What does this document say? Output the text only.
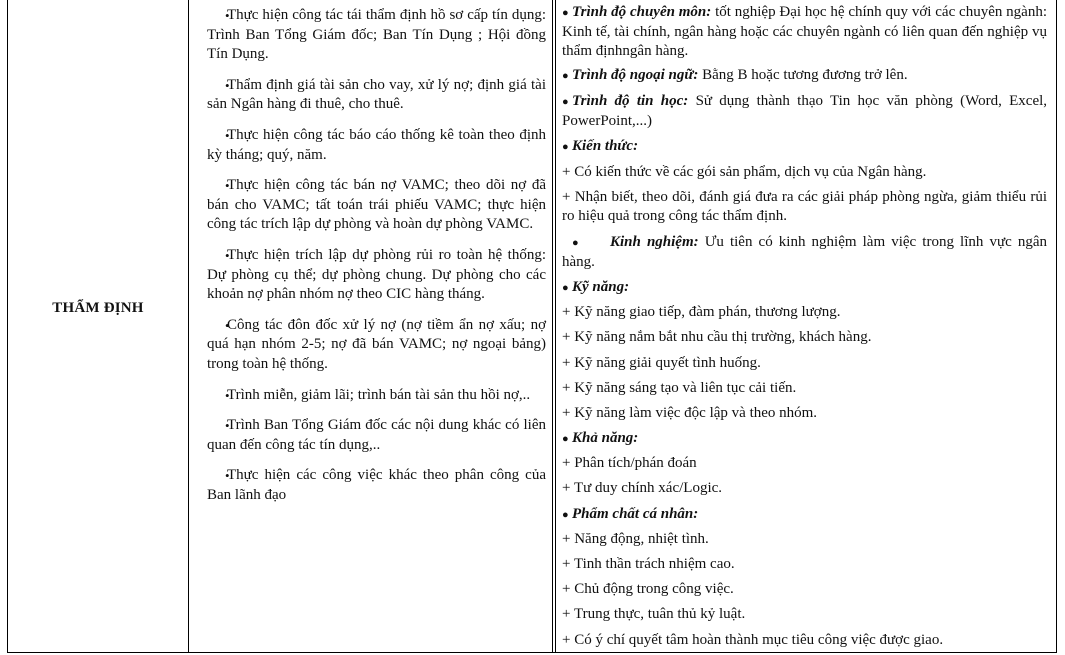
THẨM ĐỊNH

• Thực hiện công tác tái thẩm định hồ sơ cấp tín dụng: Trình Ban Tổng Giám đốc; Ban Tín Dụng ; Hội đồng Tín Dụng.

• Thẩm định giá tài sản cho vay, xử lý nợ; định giá tài sản Ngân hàng đi thuê, cho thuê.

• Thực hiện công tác báo cáo thống kê toàn theo định kỳ tháng; quý, năm.

• Thực hiện công tác bán nợ VAMC; theo dõi nợ đã bán cho VAMC; tất toán trái phiếu VAMC; thực hiện công tác trích lập dự phòng và hoàn dự phòng VAMC.

• Thực hiện trích lập dự phòng rủi ro toàn hệ thống: Dự phòng cụ thể; dự phòng chung. Dự phòng cho các khoản nợ phân nhóm nợ theo CIC hàng tháng.

• Công tác đôn đốc xử lý nợ (nợ tiềm ẩn nợ xấu; nợ quá hạn nhóm 2-5; nợ đã bán VAMC; nợ ngoại bảng) trong toàn hệ thống.

• Trình miễn, giảm lãi; trình bán tài sản thu hồi nợ,..

• Trình Ban Tổng Giám đốc các nội dung khác có liên quan đến công tác tín dụng,..

• Thực hiện các công việc khác theo phân công của Ban lãnh đạo

● Trình độ chuyên môn: tốt nghiệp Đại học hệ chính quy với các chuyên ngành: Kinh tế, tài chính, ngân hàng hoặc các chuyên ngành có liên quan đến nghiệp vụ thẩm địnhngân hàng.
● Trình độ ngoại ngữ: Bằng B hoặc tương đương trở lên.
● Trình độ tin học: Sử dụng thành thạo Tin học văn phòng (Word, Excel, PowerPoint,...)
● Kiến thức:
+ Có kiến thức về các gói sản phẩm, dịch vụ của Ngân hàng.
+ Nhận biết, theo dõi, đánh giá đưa ra các giải pháp phòng ngừa, giảm thiểu rủi ro hiệu quả trong công tác thẩm định.
● Kinh nghiệm: Ưu tiên có kinh nghiệm làm việc trong lĩnh vực ngân hàng.
● Kỹ năng:
+ Kỹ năng giao tiếp, đàm phán, thương lượng.
+ Kỹ năng nắm bắt nhu cầu thị trường, khách hàng.
+ Kỹ năng giải quyết tình huống.
+ Kỹ năng sáng tạo và liên tục cải tiến.
+ Kỹ năng làm việc độc lập và theo nhóm.
● Khả năng:
+ Phân tích/phán đoán
+ Tư duy chính xác/Logic.
● Phẩm chất cá nhân:
+ Năng động, nhiệt tình.
+ Tinh thần trách nhiệm cao.
+ Chủ động trong công việc.
+ Trung thực, tuân thủ kỷ luật.
+ Có ý chí quyết tâm hoàn thành mục tiêu công việc được giao.
